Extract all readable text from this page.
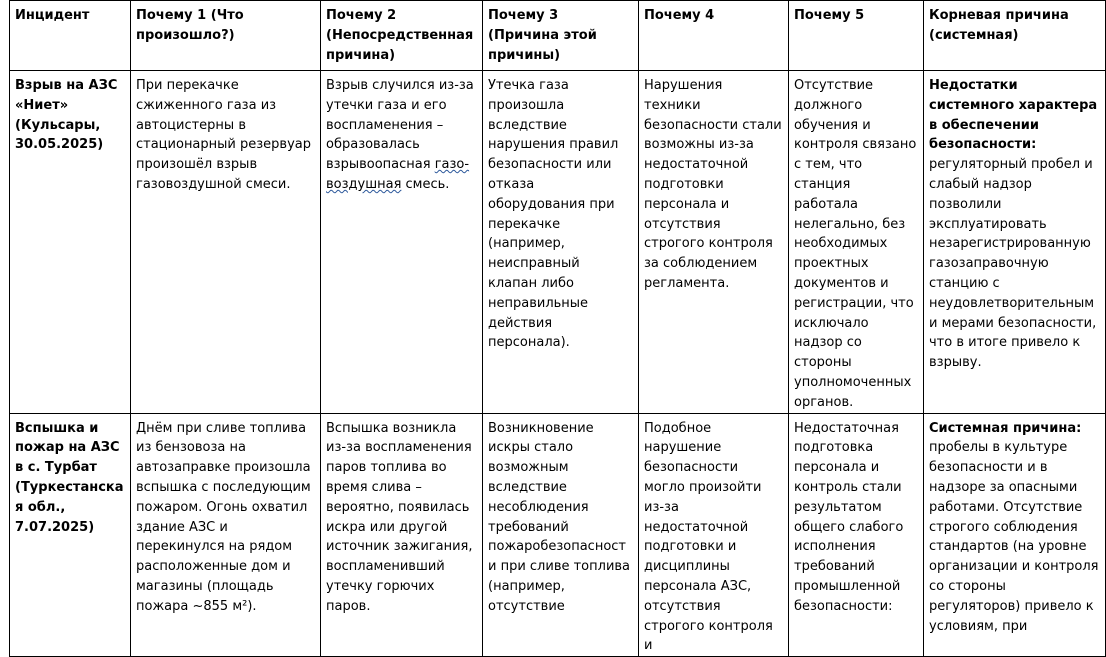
Инцидент	Почему 1 (Что произошло?)	Почему 2 (Непосредственная причина)	Почему 3 (Причина этой причины)	Почему 4	Почему 5	Корневая причина (системная)
Взрыв на АЗС «Ниет» (Кульсары, 30.05.2025)	При перекачке сжиженного газа из автоцистерны в стационарный резервуар произошёл взрыв газовоздушной смеси.	Взрыв случился из-за утечки газа и его воспламенения – образовалась взрывоопасная газо-воздушная смесь.	Утечка газа произошла вследствие нарушения правил безопасности или отказа оборудования при перекачке (например, неисправный клапан либо неправильные действия персонала).	Нарушения техники безопасности стали возможны из-за недостаточной подготовки персонала и отсутствия строгого контроля за соблюдением регламента.	Отсутствие должного обучения и контроля связано с тем, что станция работала нелегально, без необходимых проектных документов и регистрации, что исключало надзор со стороны уполномоченных органов.	Недостатки системного характера в обеспечении безопасности: регуляторный пробел и слабый надзор позволили эксплуатировать незарегистрированную газозаправочную станцию с неудовлетворительными мерами безопасности, что в итоге привело к взрыву.
Вспышка и пожар на АЗС в с. Турбат (Туркестанская обл., 7.07.2025)	Днём при сливе топлива из бензовоза на автозаправке произошла вспышка с последующим пожаром. Огонь охватил здание АЗС и перекинулся на рядом расположенные дом и магазины (площадь пожара ~855 м²).	Вспышка возникла из-за воспламенения паров топлива во время слива – вероятно, появилась искра или другой источник зажигания, воспламенивший утечку горючих паров.	Возникновение искры стало возможным вследствие несоблюдения требований пожаробезопасности при сливе топлива (например, отсутствие	Подобное нарушение безопасности могло произойти из-за недостаточной подготовки и дисциплины персонала АЗС, отсутствия строгого контроля и	Недостаточная подготовка персонала и контроль стали результатом общего слабого исполнения требований промышленной безопасности:	Системная причина: пробелы в культуре безопасности и в надзоре за опасными работами. Отсутствие строгого соблюдения стандартов (на уровне организации и контроля со стороны регуляторов) привело к условиям, при
